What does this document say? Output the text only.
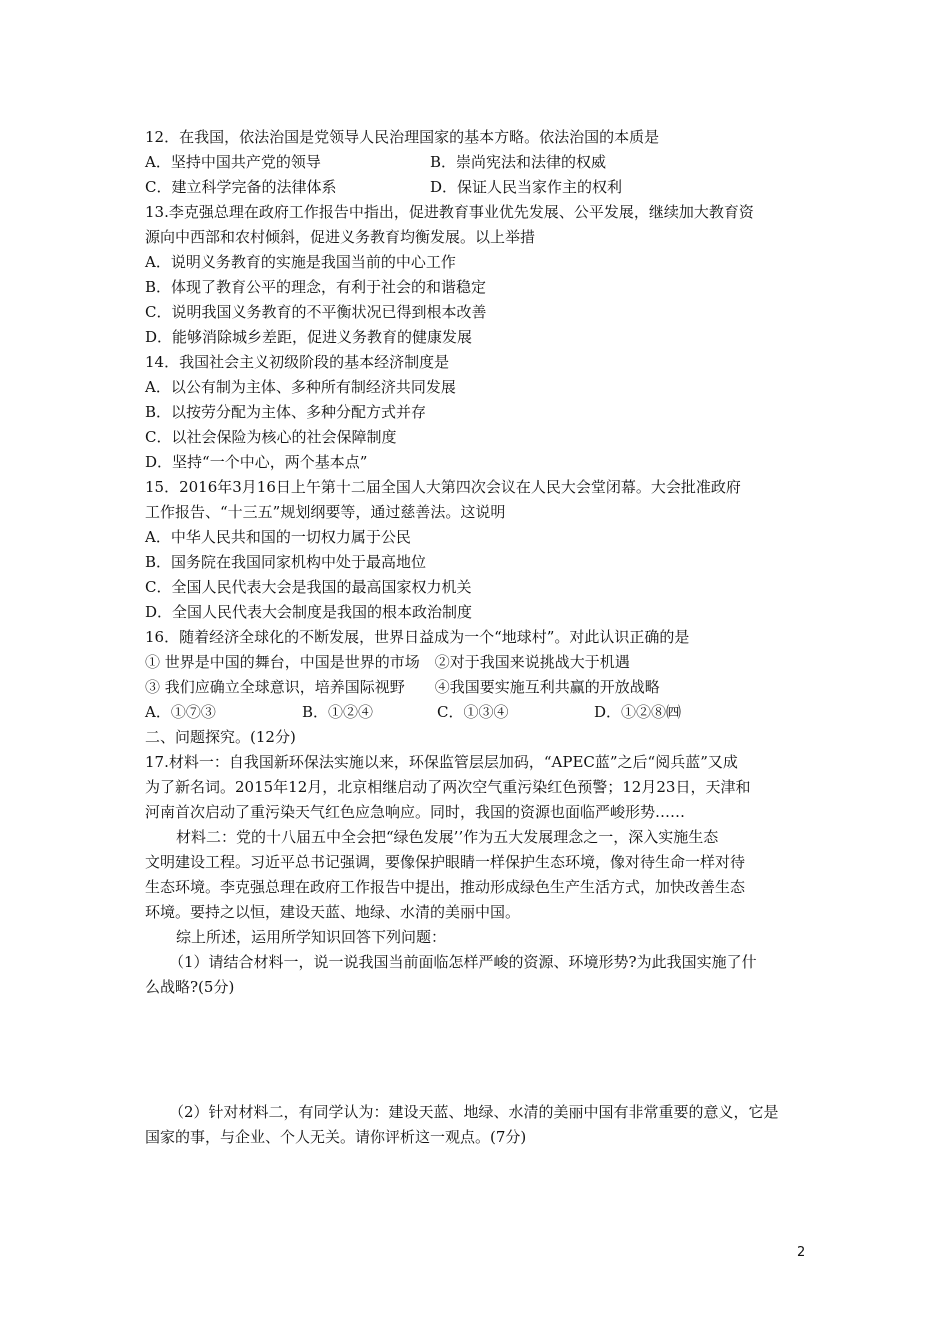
12．在我国，依法治国是党领导人民治理国家的基本方略。依法治国的本质是
A．坚持中国共产党的领导	B．崇尚宪法和法律的权威
C．建立科学完备的法律体系	D．保证人民当家作主的权利
13.李克强总理在政府工作报告中指出，促进教育事业优先发展、公平发展，继续加大教育资
源向中西部和农村倾斜，促进义务教育均衡发展。以上举措
A．说明义务教育的实施是我国当前的中心工作
B．体现了教育公平的理念，有利于社会的和谐稳定
C．说明我国义务教育的不平衡状况已得到根本改善
D．能够消除城乡差距，促进义务教育的健康发展
14．我国社会主义初级阶段的基本经济制度是
A．以公有制为主体、多种所有制经济共同发展
B．以按劳分配为主体、多种分配方式并存
C．以社会保险为核心的社会保障制度
D．坚持“一个中心，两个基本点”
15．2016年3月16日上午第十二届全国人大第四次会议在人民大会堂闭幕。大会批准政府
工作报告、“十三五”规划纲要等，通过慈善法。这说明
A．中华人民共和国的一切权力属于公民
B．国务院在我国同家机构中处于最高地位
C．全国人民代表大会是我国的最高国家权力机关
D．全国人民代表大会制度是我国的根本政治制度
16．随着经济全球化的不断发展，世界日益成为一个“地球村”。对此认识正确的是
① 世界是中国的舞台，中国是世界的市场　②对于我国来说挑战大于机遇
③ 我们应确立全球意识，培养国际视野　　④我国要实施互利共赢的开放战略
A．①⑦③	B．①②④	C．①③④	D．①②⑧㈣
二、问题探究。(12分)
17.材料一：自我国新环保法实施以来，环保监管层层加码，“APEC蓝”之后“阅兵蓝”又成
为了新名词。2015年12月，北京相继启动了两次空气重污染红色预警；12月23日，天津和
河南首次启动了重污染天气红色应急响应。同时，我国的资源也面临严峻形势……
材料二：党的十八届五中全会把“绿色发展’’作为五大发展理念之一，深入实施生态
文明建设工程。习近平总书记强调，要像保护眼睛一样保护生态环境，像对待生命一样对待
生态环境。李克强总理在政府工作报告中提出，推动形成绿色生产生活方式，加快改善生态
环境。要持之以恒，建设天蓝、地绿、水清的美丽中国。
综上所述，运用所学知识回答下列问题：
（1）请结合材料一，说一说我国当前面临怎样严峻的资源、环境形势?为此我国实施了什
么战略?(5分)
（2）针对材料二，有同学认为：建设天蓝、地绿、水清的美丽中国有非常重要的意义，它是
国家的事，与企业、个人无关。请你评析这一观点。(7分)
2
